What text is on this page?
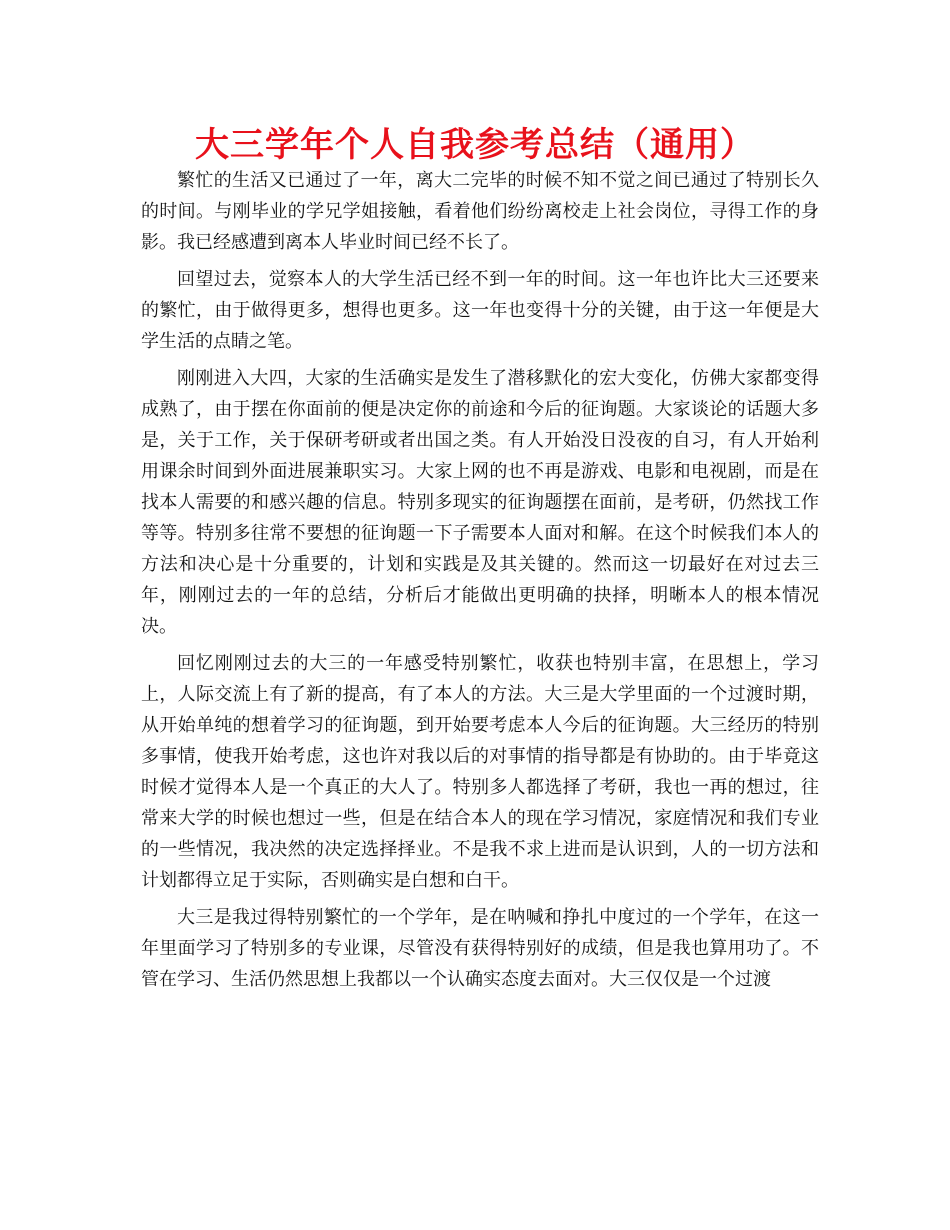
大三学年个人自我参考总结（通用）

繁忙的生活又已通过了一年，离大二完毕的时候不知不觉之间已通过了特别长久的时间。与刚毕业的学兄学姐接触，看着他们纷纷离校走上社会岗位，寻得工作的身影。我已经感遭到离本人毕业时间已经不长了。

回望过去，觉察本人的大学生活已经不到一年的时间。这一年也许比大三还要来的繁忙，由于做得更多，想得也更多。这一年也变得十分的关键，由于这一年便是大学生活的点睛之笔。

刚刚进入大四，大家的生活确实是发生了潜移默化的宏大变化，仿佛大家都变得成熟了，由于摆在你面前的便是决定你的前途和今后的征询题。大家谈论的话题大多是，关于工作，关于保研考研或者出国之类。有人开始没日没夜的自习，有人开始利用课余时间到外面进展兼职实习。大家上网的也不再是游戏、电影和电视剧，而是在找本人需要的和感兴趣的信息。特别多现实的征询题摆在面前，是考研，仍然找工作等等。特别多往常不要想的征询题一下子需要本人面对和解。在这个时候我们本人的方法和决心是十分重要的，计划和实践是及其关键的。然而这一切最好在对过去三年，刚刚过去的一年的总结，分析后才能做出更明确的抉择，明晰本人的根本情况决。

回忆刚刚过去的大三的一年感受特别繁忙，收获也特别丰富，在思想上，学习上，人际交流上有了新的提高，有了本人的方法。大三是大学里面的一个过渡时期，从开始单纯的想着学习的征询题，到开始要考虑本人今后的征询题。大三经历的特别多事情，使我开始考虑，这也许对我以后的对事情的指导都是有协助的。由于毕竟这时候才觉得本人是一个真正的大人了。特别多人都选择了考研，我也一再的想过，往常来大学的时候也想过一些，但是在结合本人的现在学习情况，家庭情况和我们专业的一些情况，我决然的决定选择择业。不是我不求上进而是认识到，人的一切方法和计划都得立足于实际，否则确实是白想和白干。

大三是我过得特别繁忙的一个学年，是在呐喊和挣扎中度过的一个学年，在这一年里面学习了特别多的专业课，尽管没有获得特别好的成绩，但是我也算用功了。不管在学习、生活仍然思想上我都以一个认确实态度去面对。大三仅仅是一个过渡
